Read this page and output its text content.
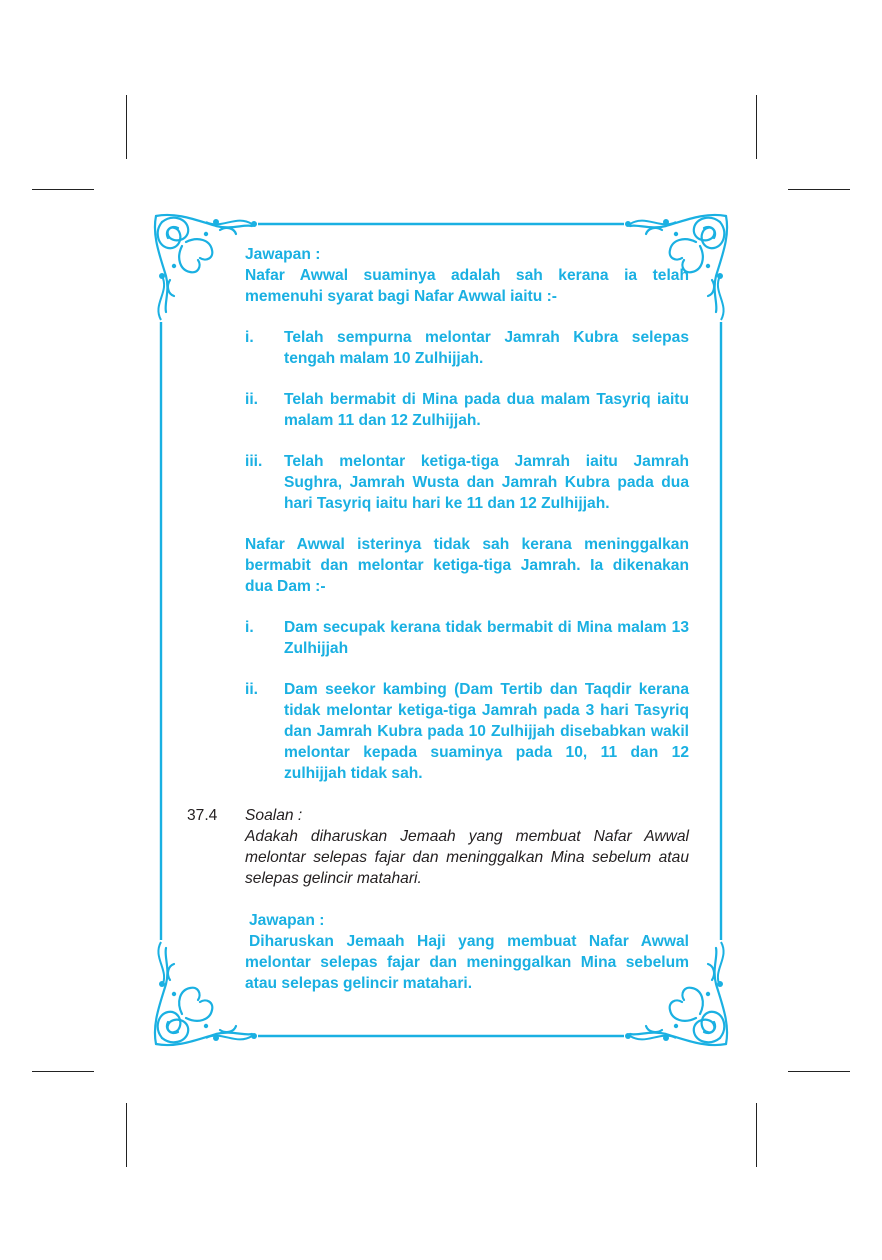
Jawapan :
Nafar Awwal suaminya adalah sah kerana ia telah memenuhi syarat bagi Nafar Awwal iaitu :-
i.	Telah sempurna melontar Jamrah Kubra selepas tengah malam 10 Zulhijjah.
ii.	Telah bermabit di Mina pada dua malam Tasyriq iaitu malam 11 dan 12 Zulhijjah.
iii.	Telah melontar ketiga-tiga Jamrah iaitu Jamrah Sughra, Jamrah Wusta dan Jamrah Kubra pada dua hari Tasyriq iaitu hari ke 11 dan 12 Zulhijjah.
Nafar Awwal isterinya tidak sah kerana meninggalkan bermabit dan melontar ketiga-tiga Jamrah. Ia dikenakan dua Dam :-
i.	Dam secupak kerana tidak bermabit di Mina malam 13 Zulhijjah
ii.	Dam seekor kambing (Dam Tertib dan Taqdir kerana tidak melontar ketiga-tiga Jamrah pada 3 hari Tasyriq dan Jamrah Kubra pada 10 Zulhijjah disebabkan wakil melontar kepada suaminya pada 10, 11 dan 12 zulhijjah tidak sah.
37.4	Soalan :
Adakah diharuskan Jemaah yang membuat Nafar Awwal melontar selepas fajar dan meninggalkan Mina sebelum atau selepas gelincir matahari.
Jawapan :
Diharuskan Jemaah Haji yang membuat Nafar Awwal melontar selepas fajar dan meninggalkan Mina sebelum atau selepas gelincir matahari.
